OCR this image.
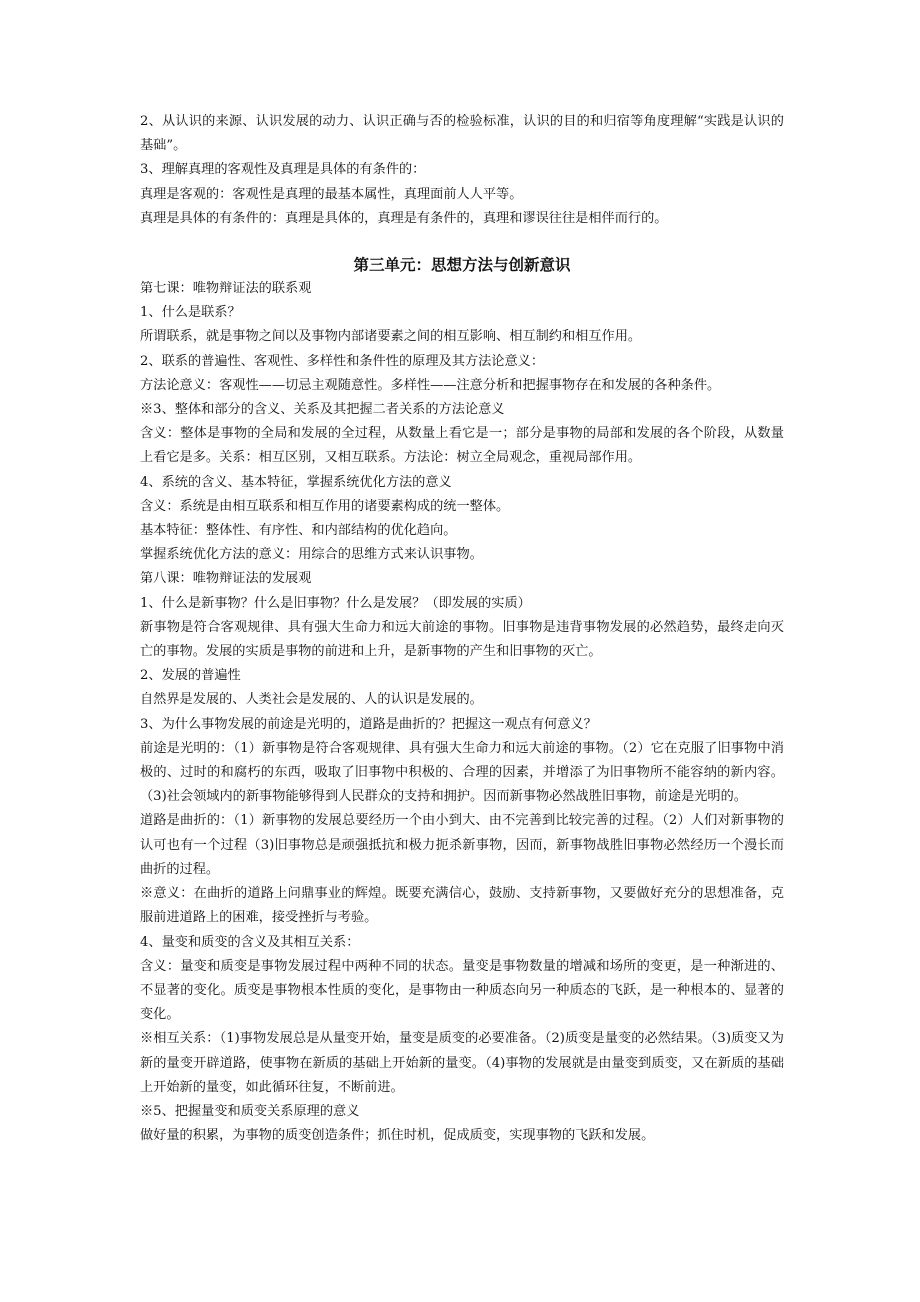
2、从认识的来源、认识发展的动力、认识正确与否的检验标准，认识的目的和归宿等角度理解“实践是认识的基础”。

3、理解真理的客观性及真理是具体的有条件的：

真理是客观的：客观性是真理的最基本属性，真理面前人人平等。

真理是具体的有条件的：真理是具体的，真理是有条件的，真理和谬误往往是相伴而行的。

第三单元：思想方法与创新意识

第七课：唯物辩证法的联系观

1、什么是联系？

所谓联系，就是事物之间以及事物内部诸要素之间的相互影响、相互制约和相互作用。

2、联系的普遍性、客观性、多样性和条件性的原理及其方法论意义：

方法论意义：客观性——切忌主观随意性。多样性——注意分析和把握事物存在和发展的各种条件。

※3、整体和部分的含义、关系及其把握二者关系的方法论意义

含义：整体是事物的全局和发展的全过程，从数量上看它是一；部分是事物的局部和发展的各个阶段，从数量上看它是多。关系：相互区别，又相互联系。方法论：树立全局观念，重视局部作用。

4、系统的含义、基本特征，掌握系统优化方法的意义

含义：系统是由相互联系和相互作用的诸要素构成的统一整体。

基本特征：整体性、有序性、和内部结构的优化趋向。

掌握系统优化方法的意义：用综合的思维方式来认识事物。

第八课：唯物辩证法的发展观

1、什么是新事物？什么是旧事物？什么是发展？（即发展的实质）

新事物是符合客观规律、具有强大生命力和远大前途的事物。旧事物是违背事物发展的必然趋势，最终走向灭亡的事物。发展的实质是事物的前进和上升，是新事物的产生和旧事物的灭亡。

2、发展的普遍性

自然界是发展的、人类社会是发展的、人的认识是发展的。

3、为什么事物发展的前途是光明的，道路是曲折的？把握这一观点有何意义？

前途是光明的：（1）新事物是符合客观规律、具有强大生命力和远大前途的事物。（2）它在克服了旧事物中消极的、过时的和腐朽的东西，吸取了旧事物中积极的、合理的因素，并增添了为旧事物所不能容纳的新内容。（3)社会领域内的新事物能够得到人民群众的支持和拥护。因而新事物必然战胜旧事物，前途是光明的。

道路是曲折的：（1）新事物的发展总要经历一个由小到大、由不完善到比较完善的过程。（2）人们对新事物的认可也有一个过程（3)旧事物总是顽强抵抗和极力扼杀新事物，因而，新事物战胜旧事物必然经历一个漫长而曲折的过程。

※意义：在曲折的道路上问鼎事业的辉煌。既要充满信心，鼓励、支持新事物，又要做好充分的思想准备，克服前进道路上的困难，接受挫折与考验。

4、量变和质变的含义及其相互关系：

含义：量变和质变是事物发展过程中两种不同的状态。量变是事物数量的增减和场所的变更，是一种渐进的、不显著的变化。质变是事物根本性质的变化，是事物由一种质态向另一种质态的飞跃，是一种根本的、显著的变化。

※相互关系：（1)事物发展总是从量变开始，量变是质变的必要准备。（2)质变是量变的必然结果。（3)质变又为新的量变开辟道路，使事物在新质的基础上开始新的量变。（4)事物的发展就是由量变到质变，又在新质的基础上开始新的量变，如此循环往复，不断前进。

※5、把握量变和质变关系原理的意义

做好量的积累，为事物的质变创造条件；抓住时机，促成质变，实现事物的飞跃和发展。
